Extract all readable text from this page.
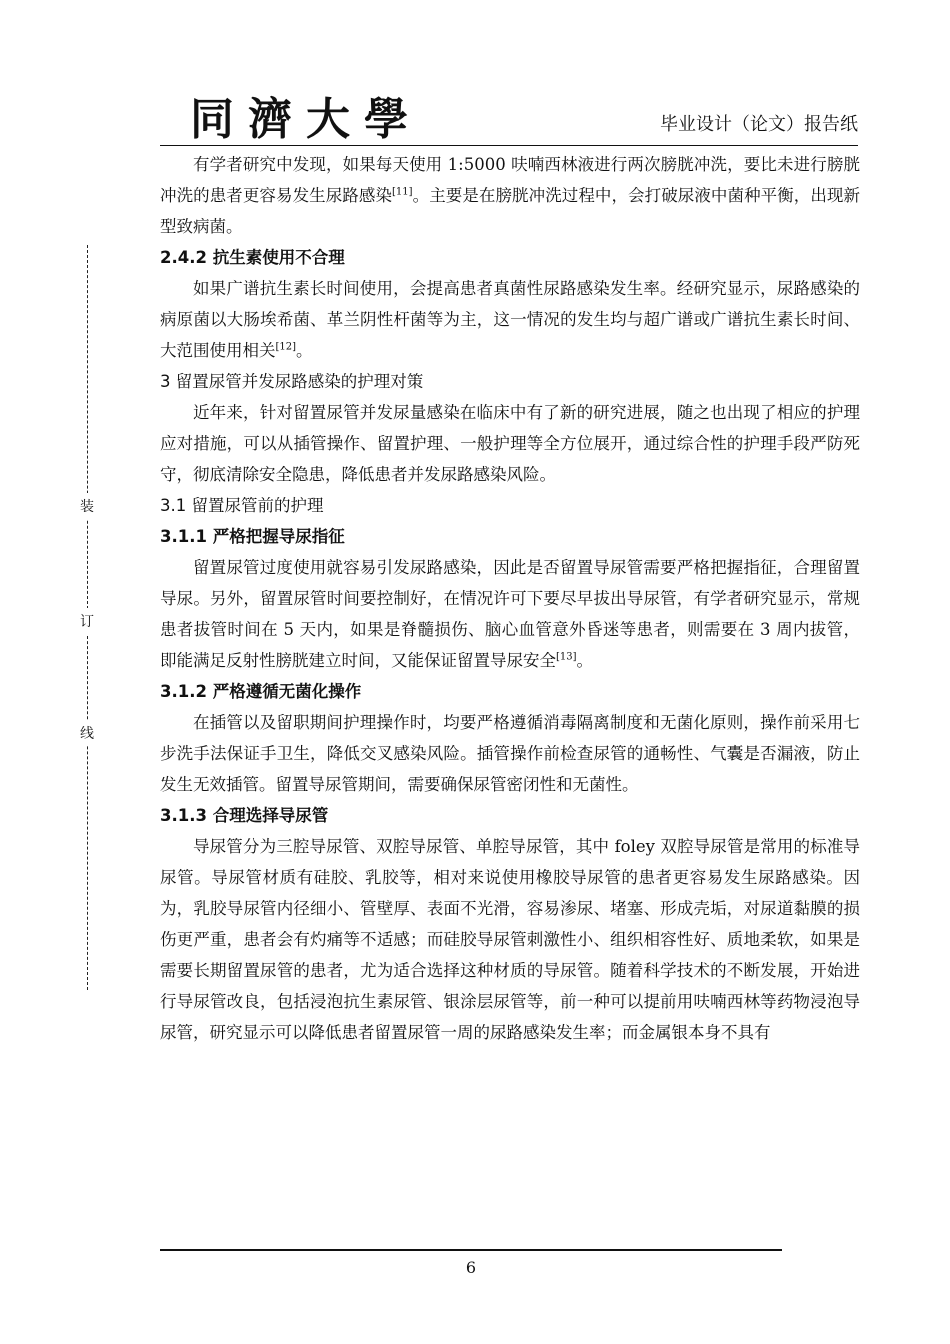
同濟大學	毕业设计（论文）报告纸
装
订
线

有学者研究中发现，如果每天使用 1:5000 呋喃西林液进行两次膀胱冲洗，要比未进行膀胱冲洗的患者更容易发生尿路感染[11]。主要是在膀胱冲洗过程中，会打破尿液中菌种平衡，出现新型致病菌。

2.4.2 抗生素使用不合理

如果广谱抗生素长时间使用，会提高患者真菌性尿路感染发生率。经研究显示，尿路感染的病原菌以大肠埃希菌、革兰阴性杆菌等为主，这一情况的发生均与超广谱或广谱抗生素长时间、大范围使用相关[12]。

3 留置尿管并发尿路感染的护理对策

近年来，针对留置尿管并发尿量感染在临床中有了新的研究进展，随之也出现了相应的护理应对措施，可以从插管操作、留置护理、一般护理等全方位展开，通过综合性的护理手段严防死守，彻底清除安全隐患，降低患者并发尿路感染风险。

3.1 留置尿管前的护理
3.1.1 严格把握导尿指征

留置尿管过度使用就容易引发尿路感染，因此是否留置导尿管需要严格把握指征，合理留置导尿。另外，留置尿管时间要控制好，在情况许可下要尽早拔出导尿管，有学者研究显示，常规患者拔管时间在 5 天内，如果是脊髓损伤、脑心血管意外昏迷等患者，则需要在 3 周内拔管，即能满足反射性膀胱建立时间，又能保证留置导尿安全[13]。

3.1.2 严格遵循无菌化操作

在插管以及留职期间护理操作时，均要严格遵循消毒隔离制度和无菌化原则，操作前采用七步洗手法保证手卫生，降低交叉感染风险。插管操作前检查尿管的通畅性、气囊是否漏液，防止发生无效插管。留置导尿管期间，需要确保尿管密闭性和无菌性。

3.1.3 合理选择导尿管

导尿管分为三腔导尿管、双腔导尿管、单腔导尿管，其中 foley 双腔导尿管是常用的标准导尿管。导尿管材质有硅胶、乳胶等，相对来说使用橡胶导尿管的患者更容易发生尿路感染。因为，乳胶导尿管内径细小、管壁厚、表面不光滑，容易渗尿、堵塞、形成壳垢，对尿道黏膜的损伤更严重，患者会有灼痛等不适感；而硅胶导尿管刺激性小、组织相容性好、质地柔软，如果是需要长期留置尿管的患者，尤为适合选择这种材质的导尿管。随着科学技术的不断发展，开始进行导尿管改良，包括浸泡抗生素尿管、银涂层尿管等，前一种可以提前用呋喃西林等药物浸泡导尿管，研究显示可以降低患者留置尿管一周的尿路感染发生率；而金属银本身不具有

6
